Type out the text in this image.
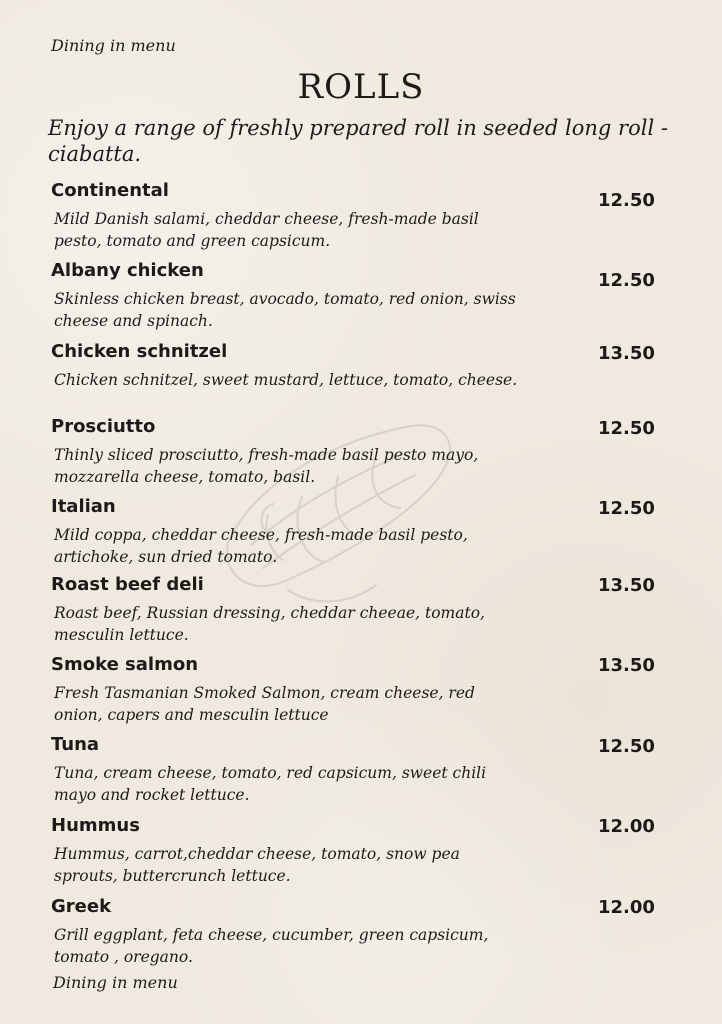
Dining in menu
ROLLS
Enjoy a range of freshly prepared roll in seeded long roll - ciabatta.
Continental
Mild Danish salami, cheddar cheese, fresh-made basil pesto, tomato and green capsicum.
12.50
Albany chicken
Skinless chicken breast, avocado, tomato, red onion, swiss cheese and spinach.
12.50
Chicken schnitzel
Chicken schnitzel, sweet mustard, lettuce, tomato, cheese.
13.50
Prosciutto
Thinly sliced prosciutto, fresh-made basil pesto mayo, mozzarella cheese, tomato, basil.
12.50
Italian
Mild coppa, cheddar cheese, fresh-made basil pesto, artichoke, sun dried tomato.
12.50
Roast beef deli
Roast beef, Russian dressing, cheddar cheeae, tomato, mesculin lettuce.
13.50
Smoke salmon
Fresh Tasmanian Smoked Salmon, cream cheese, red onion, capers and mesculin lettuce
13.50
Tuna
Tuna, cream cheese, tomato, red capsicum, sweet chili mayo and rocket lettuce.
12.50
Hummus
Hummus, carrot,cheddar cheese, tomato, snow pea sprouts, buttercrunch lettuce.
12.00
Greek
Grill eggplant, feta cheese, cucumber, green capsicum, tomato , oregano.
12.00
Dining in menu
